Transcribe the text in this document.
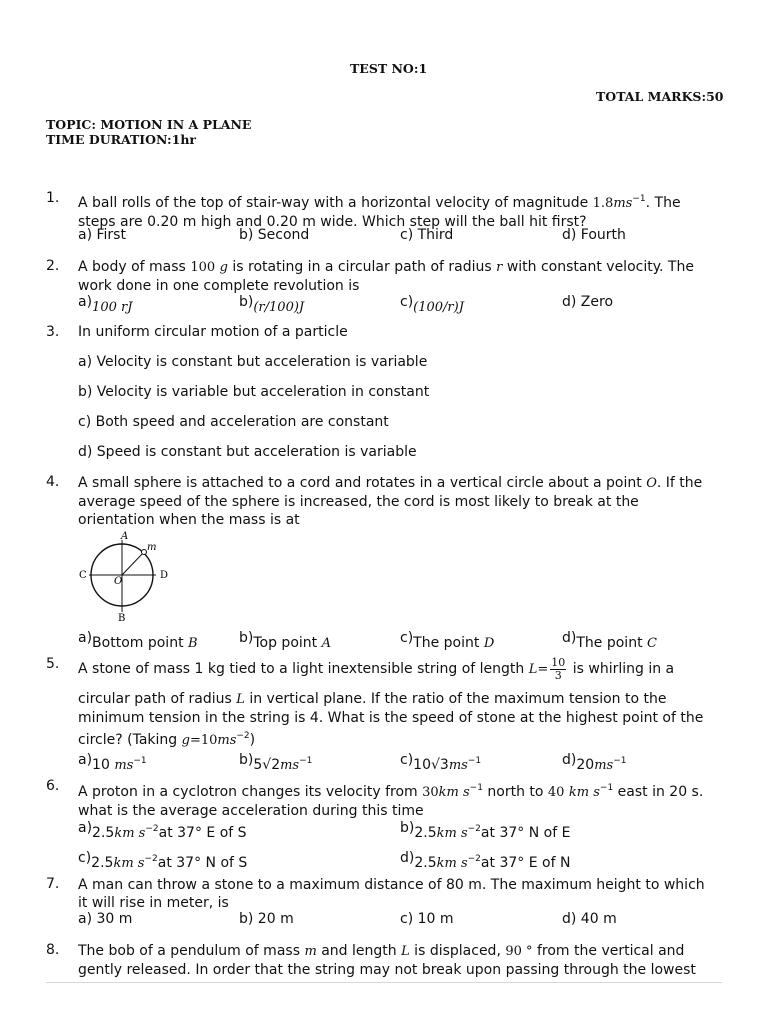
TEST NO:1
TOTAL MARKS:50
TOPIC: MOTION IN A PLANE
TIME DURATION:1hr
1. A ball rolls of the top of stair-way with a horizontal velocity of magnitude $1.8ms^{-1}$. The steps are 0.20 m high and 0.20 m wide. Which step will the ball hit first?
a) First	b) Second	c) Third	d) Fourth
2. A body of mass 100 g is rotating in a circular path of radius r with constant velocity. The work done in one complete revolution is
a)100 rJ	b)(r/100)J	c)(100/r)J	d) Zero
3. In uniform circular motion of a particle
a) Velocity is constant but acceleration is variable
b) Velocity is variable but acceleration in constant
c) Both speed and acceleration are constant
d) Speed is constant but acceleration is variable
4. A small sphere is attached to a cord and rotates in a vertical circle about a point O. If the average speed of the sphere is increased, the cord is most likely to break at the orientation when the mass is at
A
m
C
O
D
B
a)Bottom point B	b)Top point A	c)The point D	d)The point C
5. A stone of mass 1 kg tied to a light inextensible string of length $L= \frac{10}{3}$ is whirling in a
circular path of radius L in vertical plane. If the ratio of the maximum tension to the minimum tension in the string is 4. What is the speed of stone at the highest point of the circle? (Taking $g=10ms^{-2}$)
a)10 $ms^{-1}$	$b)5√2ms^{-1}$	$c)10√3ms^{-1}$	$d)20ms^{-1}$
6. A proton in a cyclotron changes its velocity from 30km $s^{-1}$ north to 40 km $s^{-1}$ east in 20 s. what is the average acceleration during this time
a)2.5km $s^{-2}at$ 37° E of S	b)2.5km $s^{-2}at$ 37° N of E
c)2.5km $s^{-2}at$ 37° N of S	d)2.5km $s^{-2}at$ 37° E of N
7. A man can throw a stone to a maximum distance of 80 m. The maximum height to which it will rise in meter, is
a) 30 m	b) 20 m	c) 10 m	d) 40 m
8. The bob of a pendulum of mass m and length L is displaced, 90 ° from the vertical and gently released. In order that the string may not break upon passing through the lowest
